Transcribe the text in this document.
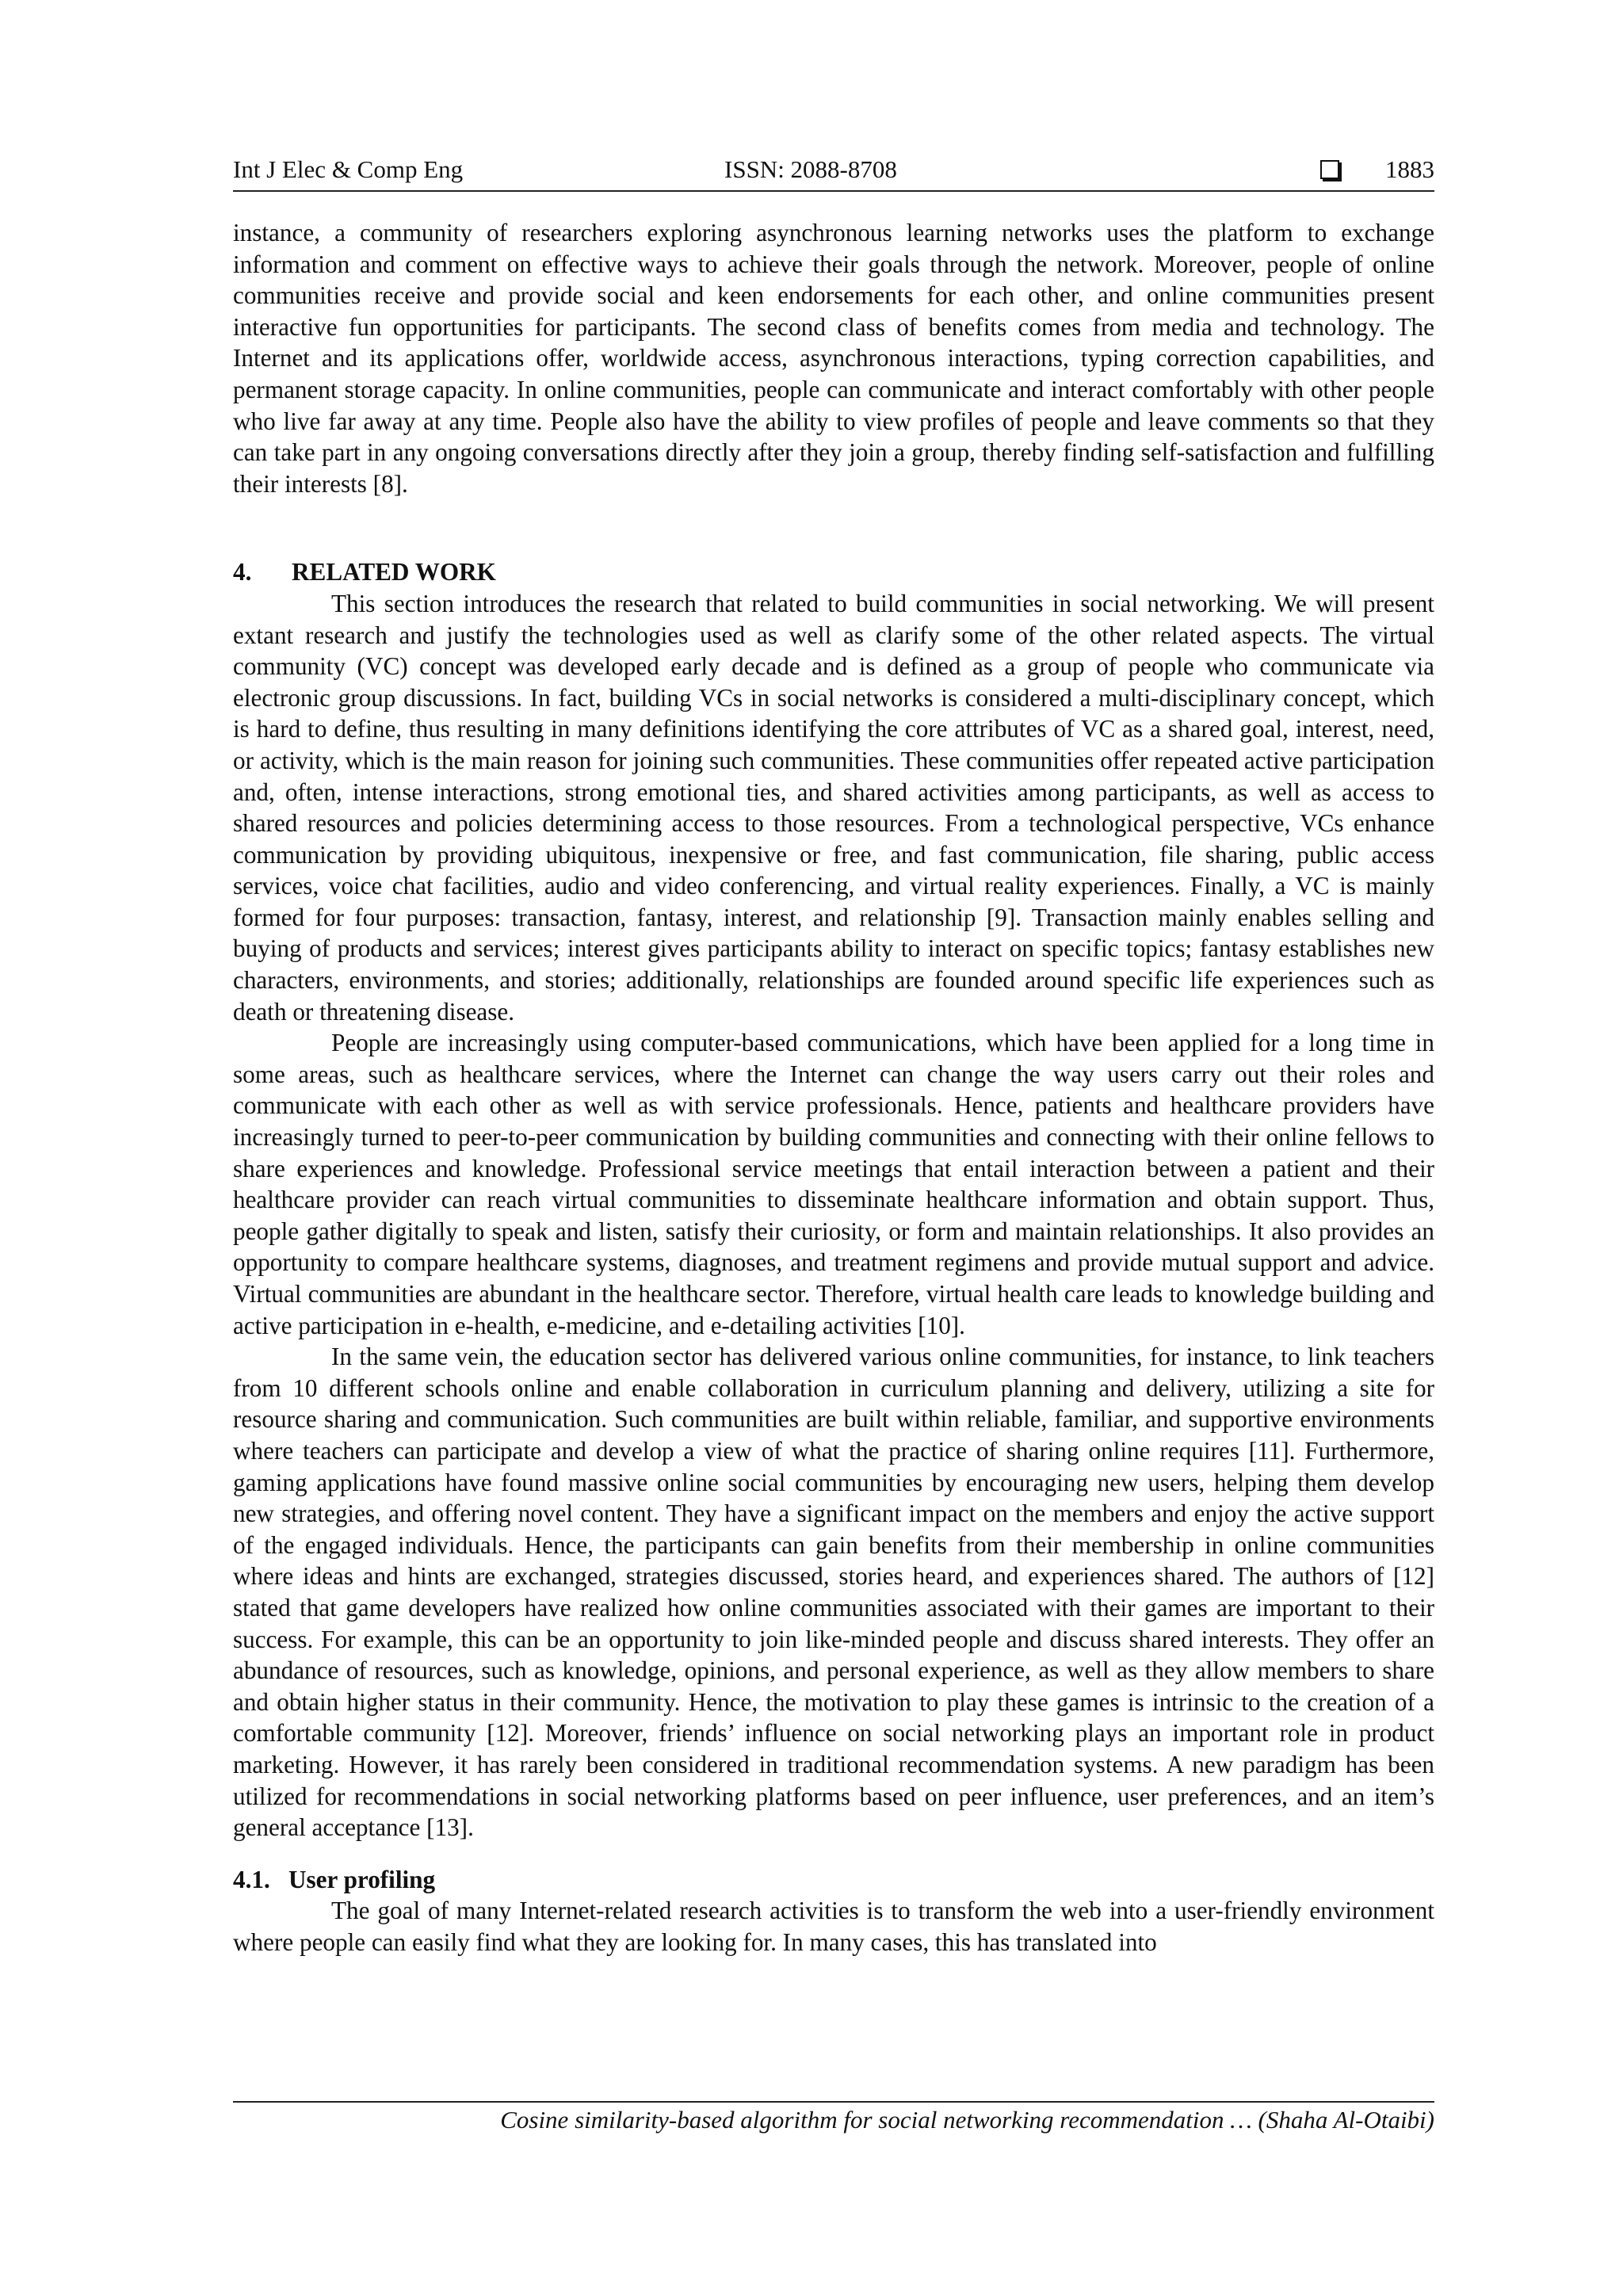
Int J Elec & Comp Eng	ISSN: 2088-8708	1883

instance, a community of researchers exploring asynchronous learning networks uses the platform to exchange information and comment on effective ways to achieve their goals through the network. Moreover, people of online communities receive and provide social and keen endorsements for each other, and online communities present interactive fun opportunities for participants. The second class of benefits comes from media and technology. The Internet and its applications offer, worldwide access, asynchronous interactions, typing correction capabilities, and permanent storage capacity. In online communities, people can communicate and interact comfortably with other people who live far away at any time. People also have the ability to view profiles of people and leave comments so that they can take part in any ongoing conversations directly after they join a group, thereby finding self-satisfaction and fulfilling their interests [8].

4. RELATED WORK

This section introduces the research that related to build communities in social networking. We will present extant research and justify the technologies used as well as clarify some of the other related aspects. The virtual community (VC) concept was developed early decade and is defined as a group of people who communicate via electronic group discussions. In fact, building VCs in social networks is considered a multi-disciplinary concept, which is hard to define, thus resulting in many definitions identifying the core attributes of VC as a shared goal, interest, need, or activity, which is the main reason for joining such communities. These communities offer repeated active participation and, often, intense interactions, strong emotional ties, and shared activities among participants, as well as access to shared resources and policies determining access to those resources. From a technological perspective, VCs enhance communication by providing ubiquitous, inexpensive or free, and fast communication, file sharing, public access services, voice chat facilities, audio and video conferencing, and virtual reality experiences. Finally, a VC is mainly formed for four purposes: transaction, fantasy, interest, and relationship [9]. Transaction mainly enables selling and buying of products and services; interest gives participants ability to interact on specific topics; fantasy establishes new characters, environments, and stories; additionally, relationships are founded around specific life experiences such as death or threatening disease.

People are increasingly using computer-based communications, which have been applied for a long time in some areas, such as healthcare services, where the Internet can change the way users carry out their roles and communicate with each other as well as with service professionals. Hence, patients and healthcare providers have increasingly turned to peer-to-peer communication by building communities and connecting with their online fellows to share experiences and knowledge. Professional service meetings that entail interaction between a patient and their healthcare provider can reach virtual communities to disseminate healthcare information and obtain support. Thus, people gather digitally to speak and listen, satisfy their curiosity, or form and maintain relationships. It also provides an opportunity to compare healthcare systems, diagnoses, and treatment regimens and provide mutual support and advice. Virtual communities are abundant in the healthcare sector. Therefore, virtual health care leads to knowledge building and active participation in e-health, e-medicine, and e-detailing activities [10].

In the same vein, the education sector has delivered various online communities, for instance, to link teachers from 10 different schools online and enable collaboration in curriculum planning and delivery, utilizing a site for resource sharing and communication. Such communities are built within reliable, familiar, and supportive environments where teachers can participate and develop a view of what the practice of sharing online requires [11]. Furthermore, gaming applications have found massive online social communities by encouraging new users, helping them develop new strategies, and offering novel content. They have a significant impact on the members and enjoy the active support of the engaged individuals. Hence, the participants can gain benefits from their membership in online communities where ideas and hints are exchanged, strategies discussed, stories heard, and experiences shared. The authors of [12] stated that game developers have realized how online communities associated with their games are important to their success. For example, this can be an opportunity to join like-minded people and discuss shared interests. They offer an abundance of resources, such as knowledge, opinions, and personal experience, as well as they allow members to share and obtain higher status in their community. Hence, the motivation to play these games is intrinsic to the creation of a comfortable community [12]. Moreover, friends’ influence on social networking plays an important role in product marketing. However, it has rarely been considered in traditional recommendation systems. A new paradigm has been utilized for recommendations in social networking platforms based on peer influence, user preferences, and an item’s general acceptance [13].

4.1. User profiling

The goal of many Internet-related research activities is to transform the web into a user-friendly environment where people can easily find what they are looking for. In many cases, this has translated into

Cosine similarity-based algorithm for social networking recommendation … (Shaha Al-Otaibi)
